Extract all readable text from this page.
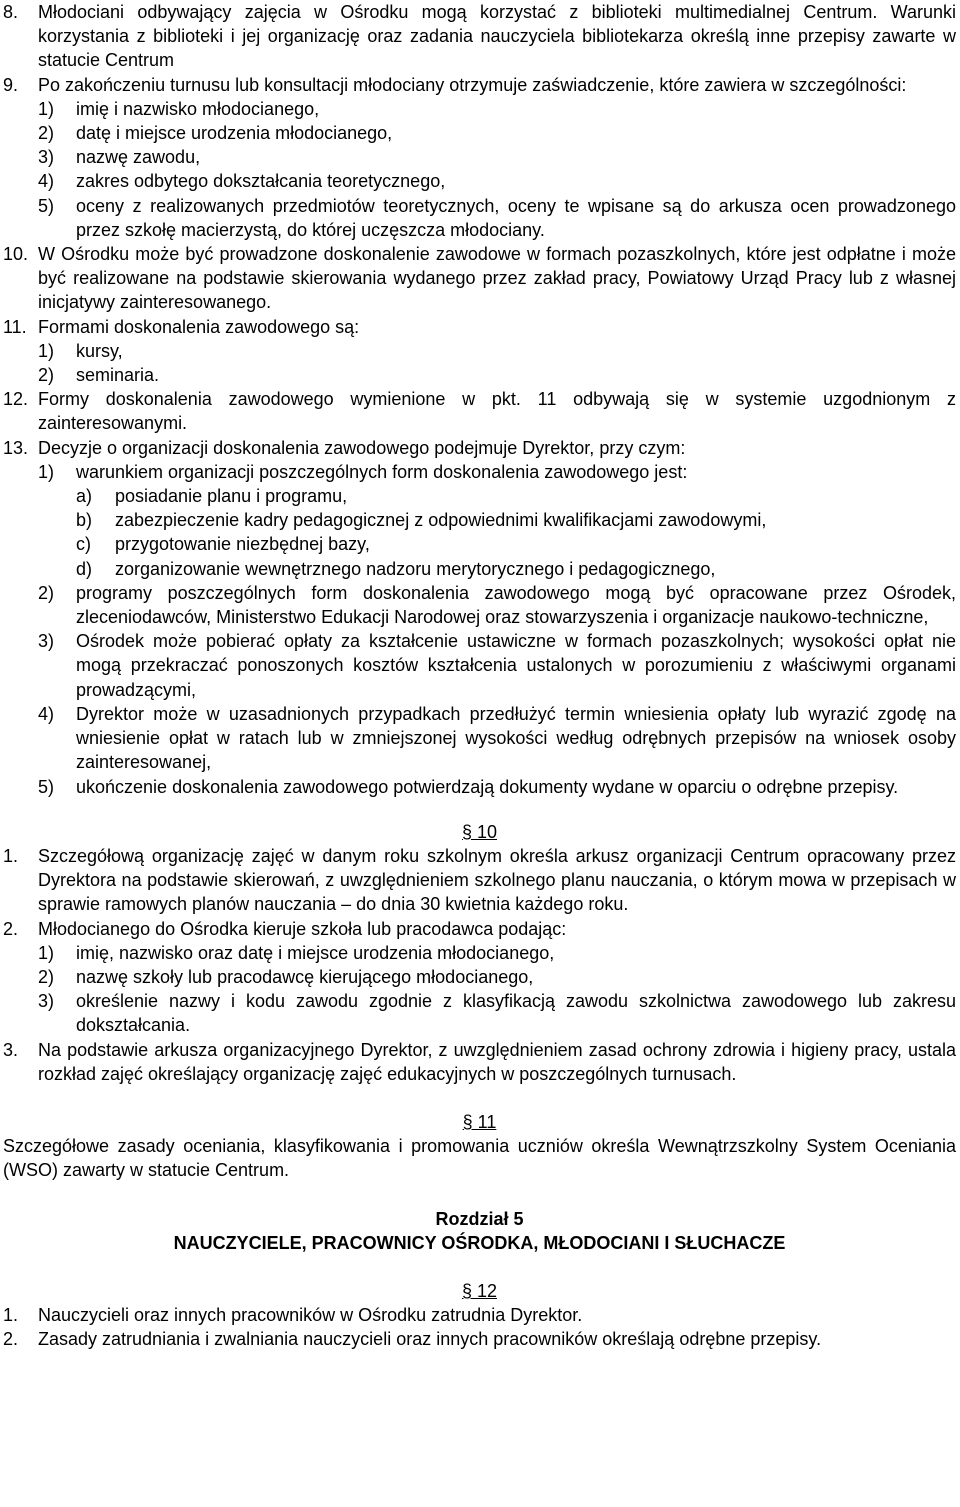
8. Młodociani odbywający zajęcia w Ośrodku mogą korzystać z biblioteki multimedialnej Centrum. Warunki korzystania z biblioteki i jej organizację oraz zadania nauczyciela bibliotekarza określą inne przepisy zawarte w statucie Centrum
9. Po zakończeniu turnusu lub konsultacji młodociany otrzymuje zaświadczenie, które zawiera w szczególności:
1) imię i nazwisko młodocianego,
2) datę i miejsce urodzenia młodocianego,
3) nazwę zawodu,
4) zakres odbytego dokształcania teoretycznego,
5) oceny z realizowanych przedmiotów teoretycznych, oceny te wpisane są do arkusza ocen prowadzonego przez szkołę macierzystą, do której uczęszcza młodociany.
10. W Ośrodku może być prowadzone doskonalenie zawodowe w formach pozaszkolnych, które jest odpłatne i może być realizowane na podstawie skierowania wydanego przez zakład pracy, Powiatowy Urząd Pracy lub z własnej inicjatywy zainteresowanego.
11. Formami doskonalenia zawodowego są:
1) kursy,
2) seminaria.
12. Formy doskonalenia zawodowego wymienione w pkt. 11 odbywają się w systemie uzgodnionym z zainteresowanymi.
13. Decyzje o organizacji doskonalenia zawodowego podejmuje Dyrektor, przy czym:
1) warunkiem organizacji poszczególnych form doskonalenia zawodowego jest:
a) posiadanie planu i programu,
b) zabezpieczenie kadry pedagogicznej z odpowiednimi kwalifikacjami zawodowymi,
c) przygotowanie niezbędnej bazy,
d) zorganizowanie wewnętrznego nadzoru merytorycznego i pedagogicznego,
2) programy poszczególnych form doskonalenia zawodowego mogą być opracowane przez Ośrodek, zleceniodawców, Ministerstwo Edukacji Narodowej oraz stowarzyszenia i organizacje naukowo-techniczne,
3) Ośrodek może pobierać opłaty za kształcenie ustawiczne w formach pozaszkolnych; wysokości opłat nie mogą przekraczać ponoszonych kosztów kształcenia ustalonych w porozumieniu z właściwymi organami prowadzącymi,
4) Dyrektor może w uzasadnionych przypadkach przedłużyć termin wniesienia opłaty lub wyrazić zgodę na wniesienie opłat w ratach lub w zmniejszonej wysokości według odrębnych przepisów na wniosek osoby zainteresowanej,
5) ukończenie doskonalenia zawodowego potwierdzają dokumenty wydane w oparciu o odrębne przepisy.
§ 10
1. Szczegółową organizację zajęć w danym roku szkolnym określa arkusz organizacji Centrum opracowany przez Dyrektora na podstawie skierowań, z uwzględnieniem szkolnego planu nauczania, o którym mowa w przepisach w sprawie ramowych planów nauczania – do dnia 30 kwietnia każdego roku.
2. Młodocianego do Ośrodka kieruje szkoła lub pracodawca podając:
1) imię, nazwisko oraz datę i miejsce urodzenia młodocianego,
2) nazwę szkoły lub pracodawcę kierującego młodocianego,
3) określenie nazwy i kodu zawodu zgodnie z klasyfikacją zawodu szkolnictwa zawodowego lub zakresu dokształcania.
3. Na podstawie arkusza organizacyjnego Dyrektor, z uwzględnieniem zasad ochrony zdrowia i higieny pracy, ustala rozkład zajęć określający organizację zajęć edukacyjnych w poszczególnych turnusach.
§ 11
Szczegółowe zasady oceniania, klasyfikowania i promowania uczniów określa Wewnątrzszkolny System Oceniania (WSO) zawarty w statucie Centrum.
Rozdział 5
NAUCZYCIELE, PRACOWNICY OŚRODKA, MŁODOCIANI I SŁUCHACZE
§ 12
1. Nauczycieli oraz innych pracowników w Ośrodku zatrudnia Dyrektor.
2. Zasady zatrudniania i zwalniania nauczycieli oraz innych pracowników określają odrębne przepisy.
